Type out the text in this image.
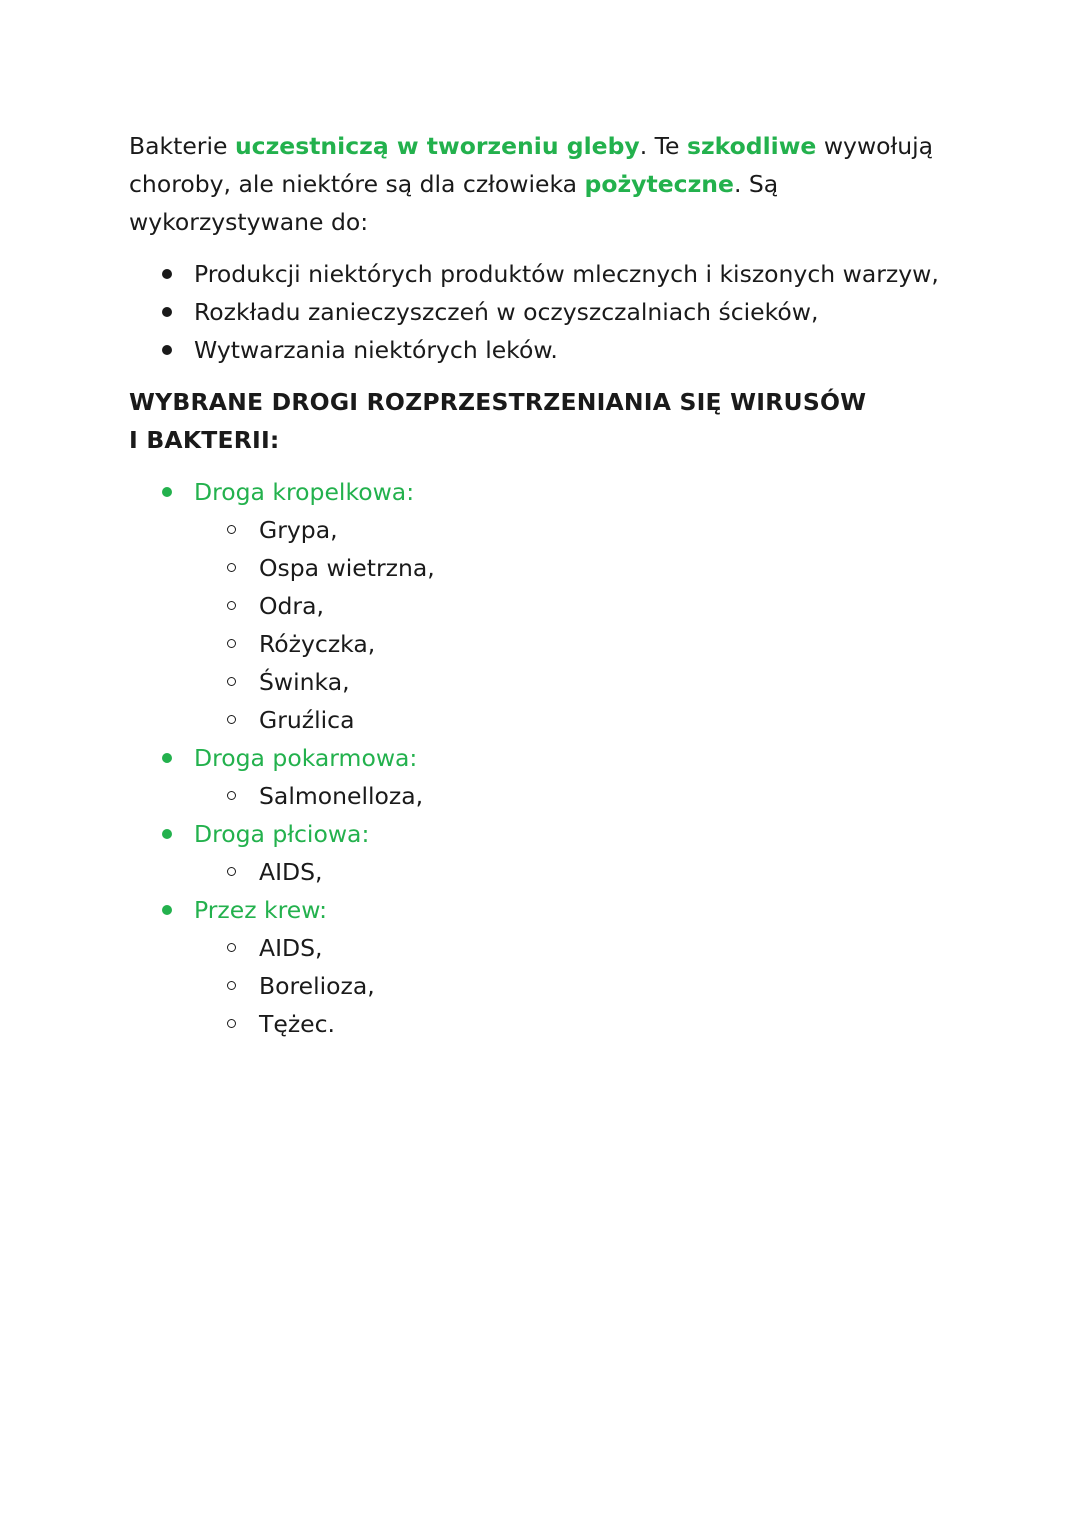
Bakterie uczestniczą w tworzeniu gleby. Te szkodliwe wywołują choroby, ale niektóre są dla człowieka pożyteczne. Są wykorzystywane do:

Produkcji niektórych produktów mlecznych i kiszonych warzyw,
Rozkładu zanieczyszczeń w oczyszczalniach ścieków,
Wytwarzania niektórych leków.
WYBRANE DROGI ROZPRZESTRZENIANIA SIĘ WIRUSÓW
I BAKTERII:
Droga kropelkowa:
Grypa,
Ospa wietrzna,
Odra,
Różyczka,
Świnka,
Gruźlica
Droga pokarmowa:
Salmonelloza,
Droga płciowa:
AIDS,
Przez krew:
AIDS,
Borelioza,
Tężec.
